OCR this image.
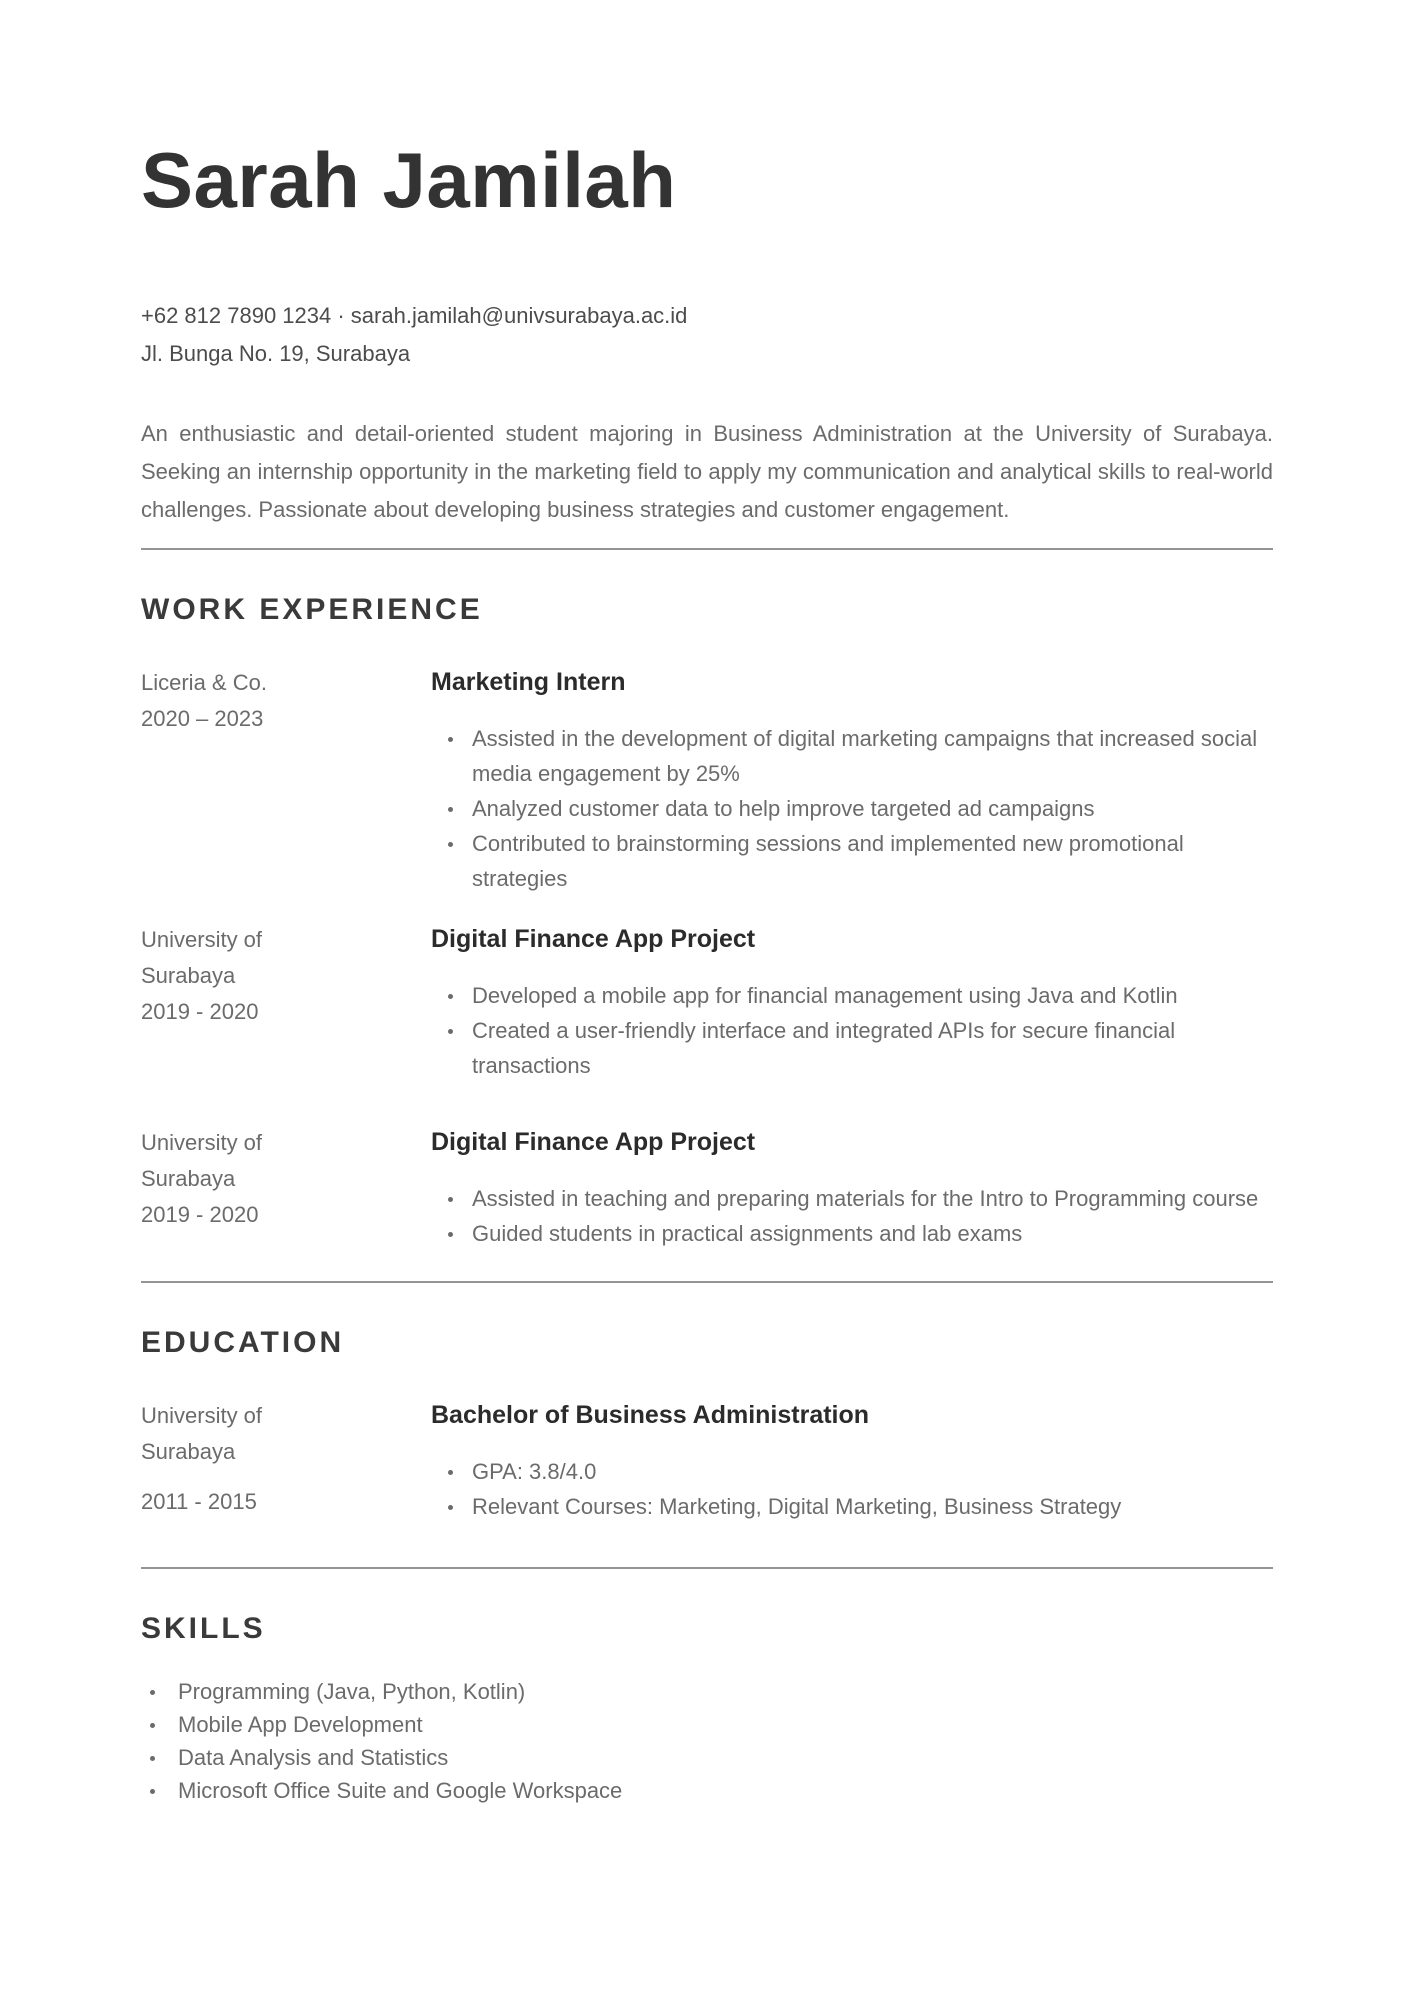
Sarah Jamilah
+62 812 7890 1234 · sarah.jamilah@univsurabaya.ac.id
Jl. Bunga No. 19, Surabaya

An enthusiastic and detail-oriented student majoring in Business Administration at the University of Surabaya. Seeking an internship opportunity in the marketing field to apply my communication and analytical skills to real-world challenges. Passionate about developing business strategies and customer engagement.

WORK EXPERIENCE
Liceria & Co.
2020 – 2023
Marketing Intern
Assisted in the development of digital marketing campaigns that increased social media engagement by 25%
Analyzed customer data to help improve targeted ad campaigns
Contributed to brainstorming sessions and implemented new promotional strategies
University of Surabaya
2019 - 2020
Digital Finance App Project
Developed a mobile app for financial management using Java and Kotlin
Created a user-friendly interface and integrated APIs for secure financial transactions
University of Surabaya
2019 - 2020
Digital Finance App Project
Assisted in teaching and preparing materials for the Intro to Programming course
Guided students in practical assignments and lab exams
EDUCATION
University of Surabaya
2011 - 2015
Bachelor of Business Administration
GPA: 3.8/4.0
Relevant Courses: Marketing, Digital Marketing, Business Strategy
SKILLS
Programming (Java, Python, Kotlin)
Mobile App Development
Data Analysis and Statistics
Microsoft Office Suite and Google Workspace
